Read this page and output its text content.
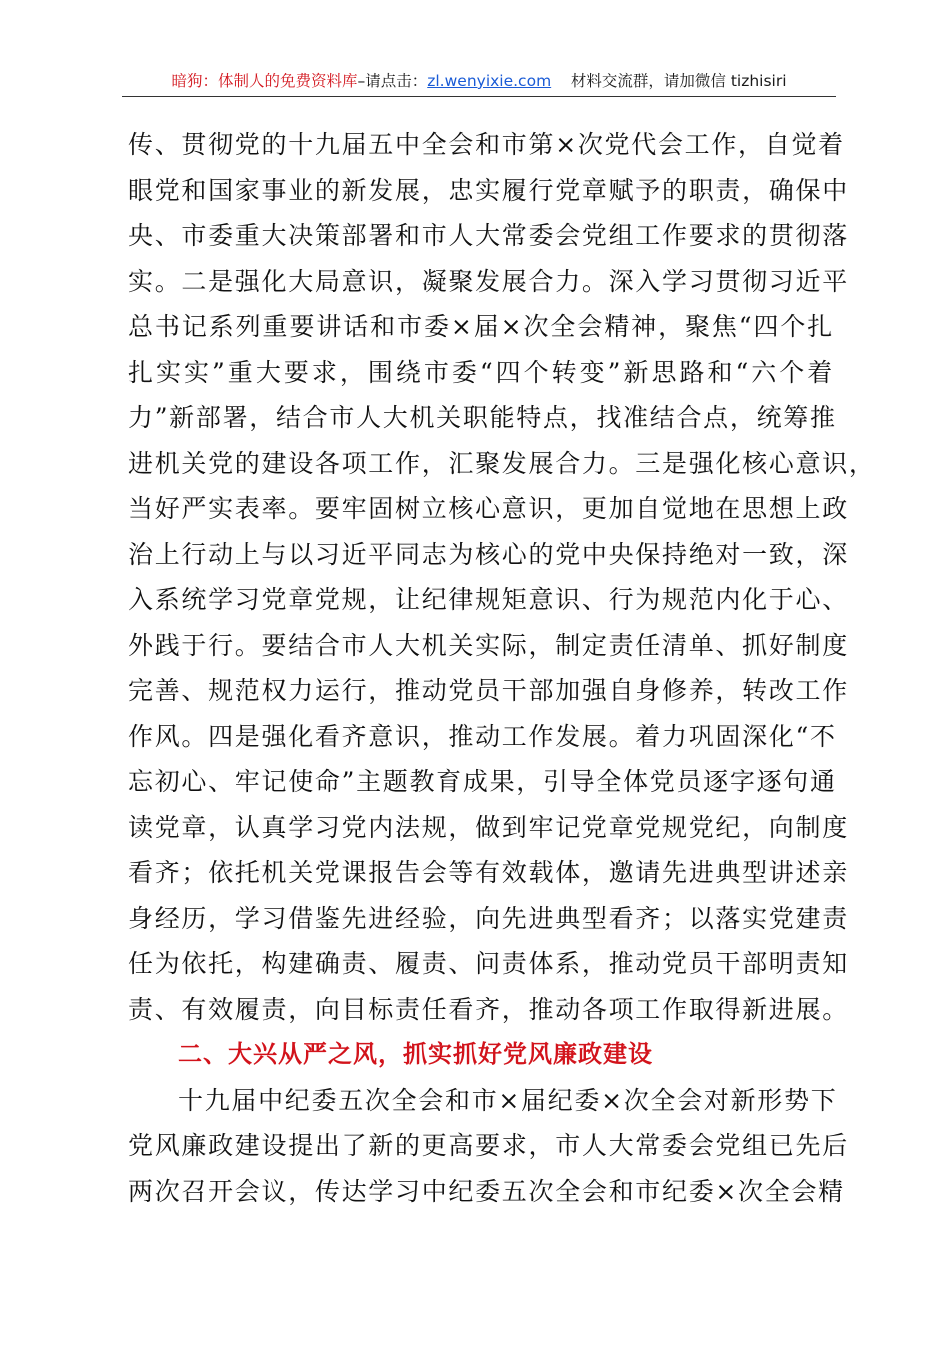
暗狗：体制人的免费资料库–请点击：zl.wenyixie.com 材料交流群，请加微信 tizhisiri
传、贯彻党的十九届五中全会和市第×次党代会工作，自觉着
眼党和国家事业的新发展，忠实履行党章赋予的职责，确保中
央、市委重大决策部署和市人大常委会党组工作要求的贯彻落
实。二是强化大局意识，凝聚发展合力。深入学习贯彻习近平
总书记系列重要讲话和市委×届×次全会精神，聚焦“四个扎
扎实实”重大要求，围绕市委“四个转变”新思路和“六个着
力”新部署，结合市人大机关职能特点，找准结合点，统筹推
进机关党的建设各项工作，汇聚发展合力。三是强化核心意识，
当好严实表率。要牢固树立核心意识，更加自觉地在思想上政
治上行动上与以习近平同志为核心的党中央保持绝对一致，深
入系统学习党章党规，让纪律规矩意识、行为规范内化于心、
外践于行。要结合市人大机关实际，制定责任清单、抓好制度
完善、规范权力运行，推动党员干部加强自身修养，转改工作
作风。四是强化看齐意识，推动工作发展。着力巩固深化“不
忘初心、牢记使命”主题教育成果，引导全体党员逐字逐句通
读党章，认真学习党内法规，做到牢记党章党规党纪，向制度
看齐；依托机关党课报告会等有效载体，邀请先进典型讲述亲
身经历，学习借鉴先进经验，向先进典型看齐；以落实党建责
任为依托，构建确责、履责、问责体系，推动党员干部明责知
责、有效履责，向目标责任看齐，推动各项工作取得新进展。
二、大兴从严之风，抓实抓好党风廉政建设
十九届中纪委五次全会和市×届纪委×次全会对新形势下
党风廉政建设提出了新的更高要求，市人大常委会党组已先后
两次召开会议，传达学习中纪委五次全会和市纪委×次全会精
